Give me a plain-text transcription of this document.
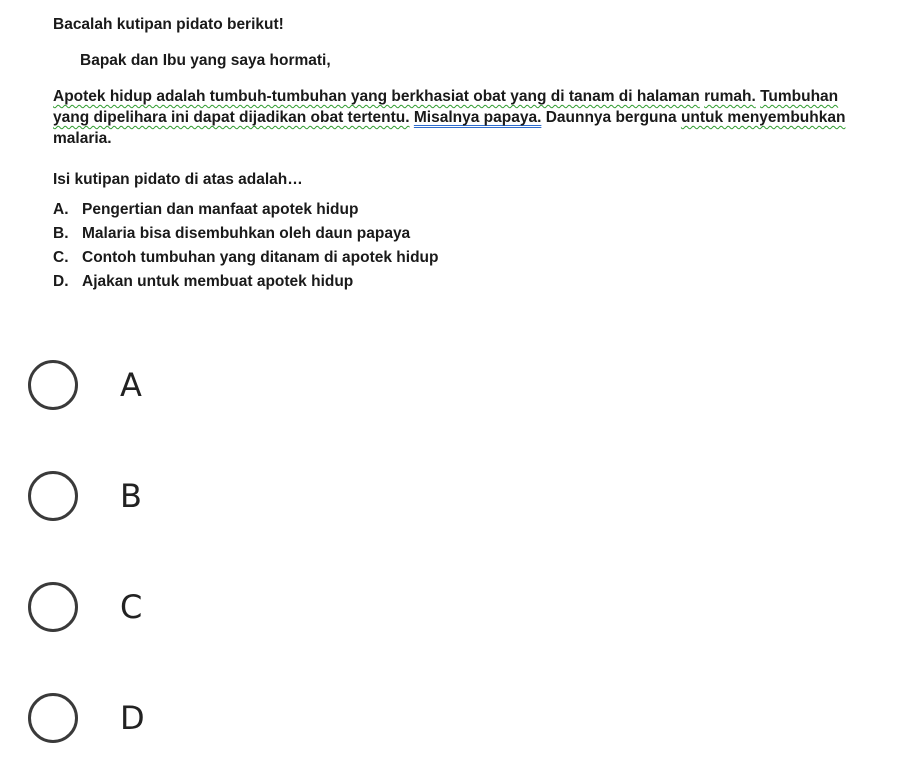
Bacalah kutipan pidato berikut!

Bapak dan Ibu yang saya hormati,

Apotek hidup adalah tumbuh-tumbuhan yang berkhasiat obat yang di tanam di halaman rumah. Tumbuhan yang dipelihara ini dapat dijadikan obat tertentu. Misalnya papaya. Daunnya berguna untuk menyembuhkan malaria.

Isi kutipan pidato di atas adalah…

A. Pengertian dan manfaat apotek hidup
B. Malaria bisa disembuhkan oleh daun papaya
C. Contoh tumbuhan yang ditanam di apotek hidup
D. Ajakan untuk membuat apotek hidup
A
B
C
D
